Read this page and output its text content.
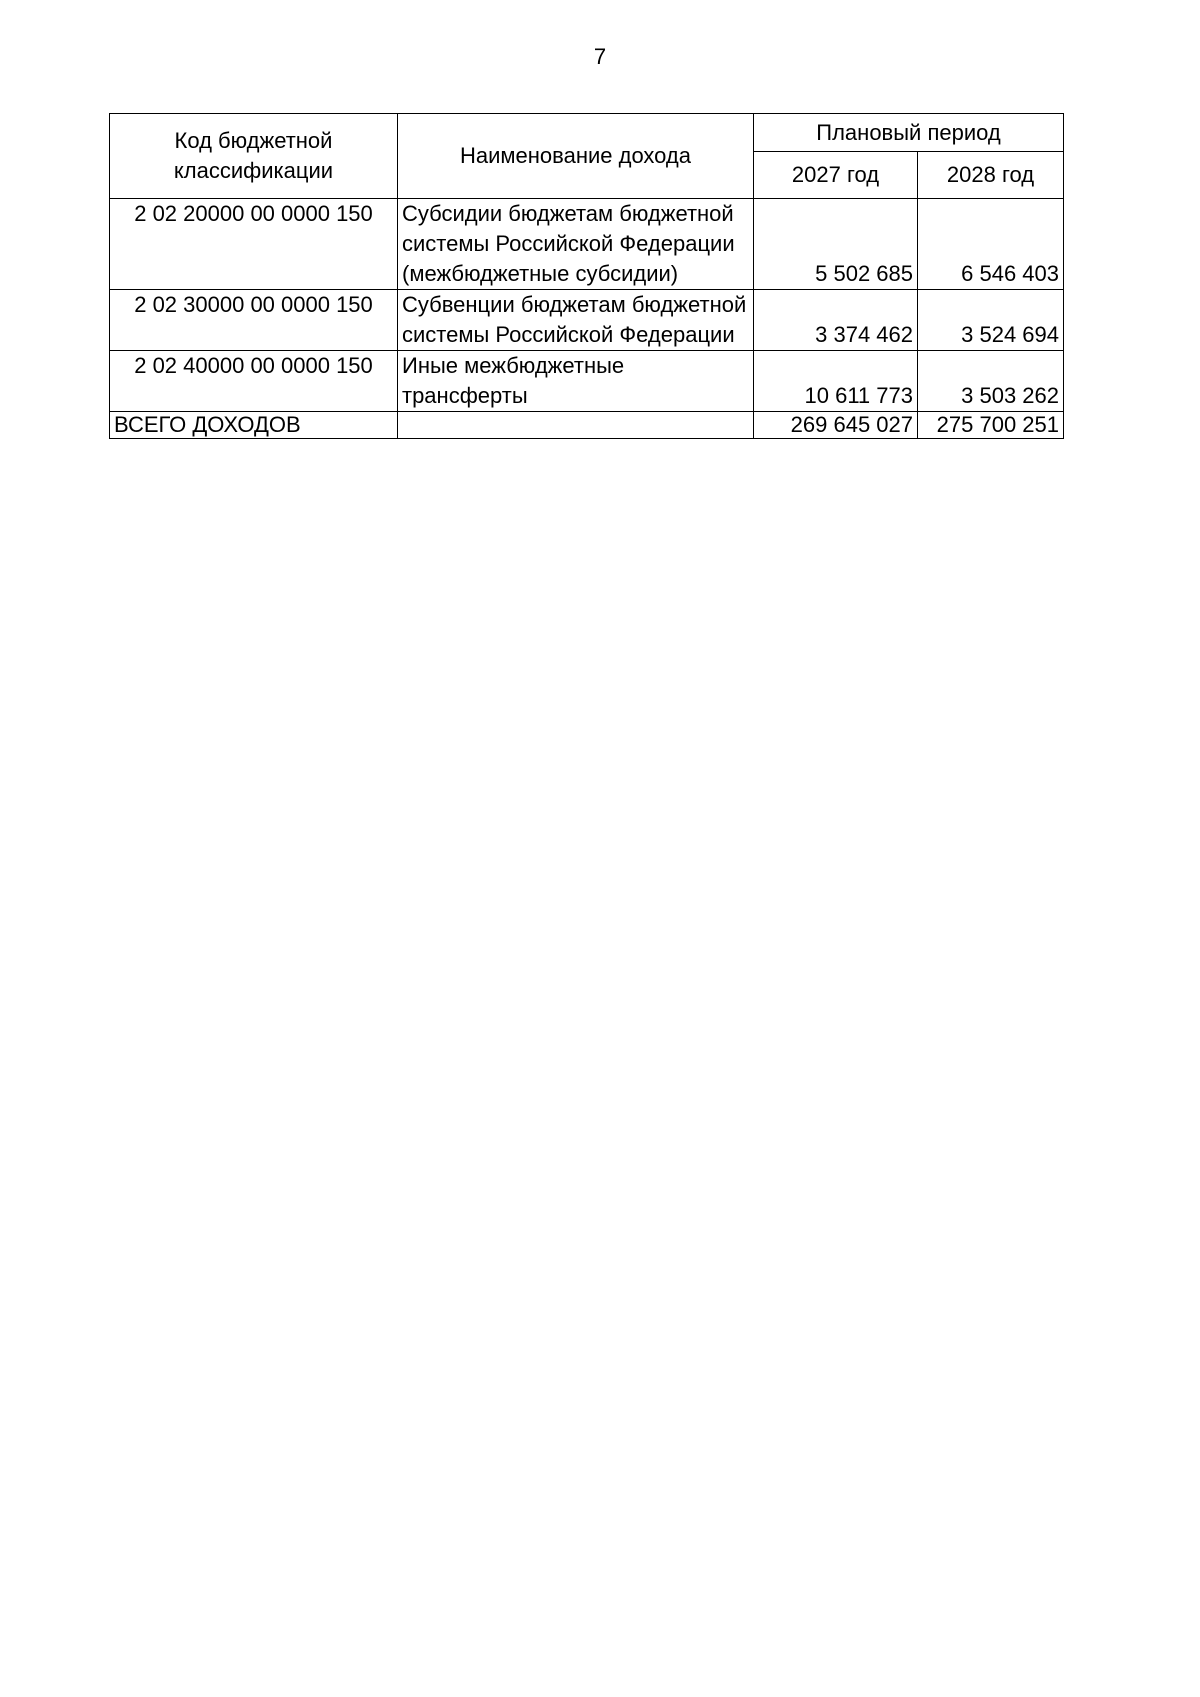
7
Код бюджетной классификации	Наименование дохода	Плановый период	
		2027 год	2028 год
2 02 20000 00 0000 150	Субсидии бюджетам бюджетной системы Российской Федерации (межбюджетные субсидии)	5 502 685	6 546 403
2 02 30000 00 0000 150	Субвенции бюджетам бюджетной системы Российской Федерации	3 374 462	3 524 694
2 02 40000 00 0000 150	Иные межбюджетные трансферты	10 611 773	3 503 262
ВСЕГО ДОХОДОВ		269 645 027	275 700 251
